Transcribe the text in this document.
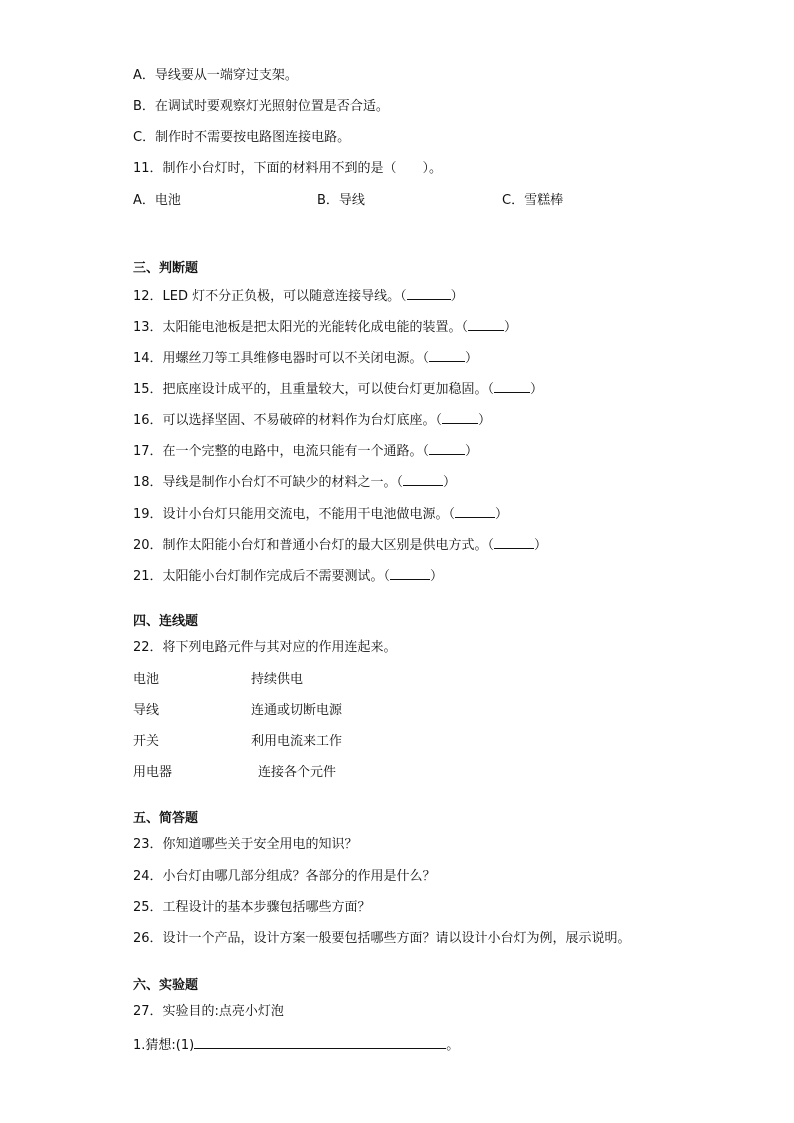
A．导线要从一端穿过支架。
B．在调试时要观察灯光照射位置是否合适。
C．制作时不需要按电路图连接电路。
11．制作小台灯时，下面的材料用不到的是（　　）。
A．电池	B．导线	C．雪糕棒
三、判断题
12．LED 灯不分正负极，可以随意连接导线。（	）
13．太阳能电池板是把太阳光的光能转化成电能的装置。（	）
14．用螺丝刀等工具维修电器时可以不关闭电源。（	）
15．把底座设计成平的，且重量较大，可以使台灯更加稳固。（	）
16．可以选择坚固、不易破碎的材料作为台灯底座。（	）
17．在一个完整的电路中，电流只能有一个通路。（	）
18．导线是制作小台灯不可缺少的材料之一。（	）
19．设计小台灯只能用交流电，不能用干电池做电源。（	）
20．制作太阳能小台灯和普通小台灯的最大区别是供电方式。（	）
21．太阳能小台灯制作完成后不需要测试。（	）
四、连线题
22．将下列电路元件与其对应的作用连起来。
电池	持续供电
导线	连通或切断电源
开关	利用电流来工作
用电器	连接各个元件
五、简答题
23．你知道哪些关于安全用电的知识？
24．小台灯由哪几部分组成？各部分的作用是什么？
25．工程设计的基本步骤包括哪些方面？
26．设计一个产品，设计方案一般要包括哪些方面？请以设计小台灯为例，展示说明。
六、实验题
27．实验目的:点亮小灯泡
1.猜想:(1)	。
